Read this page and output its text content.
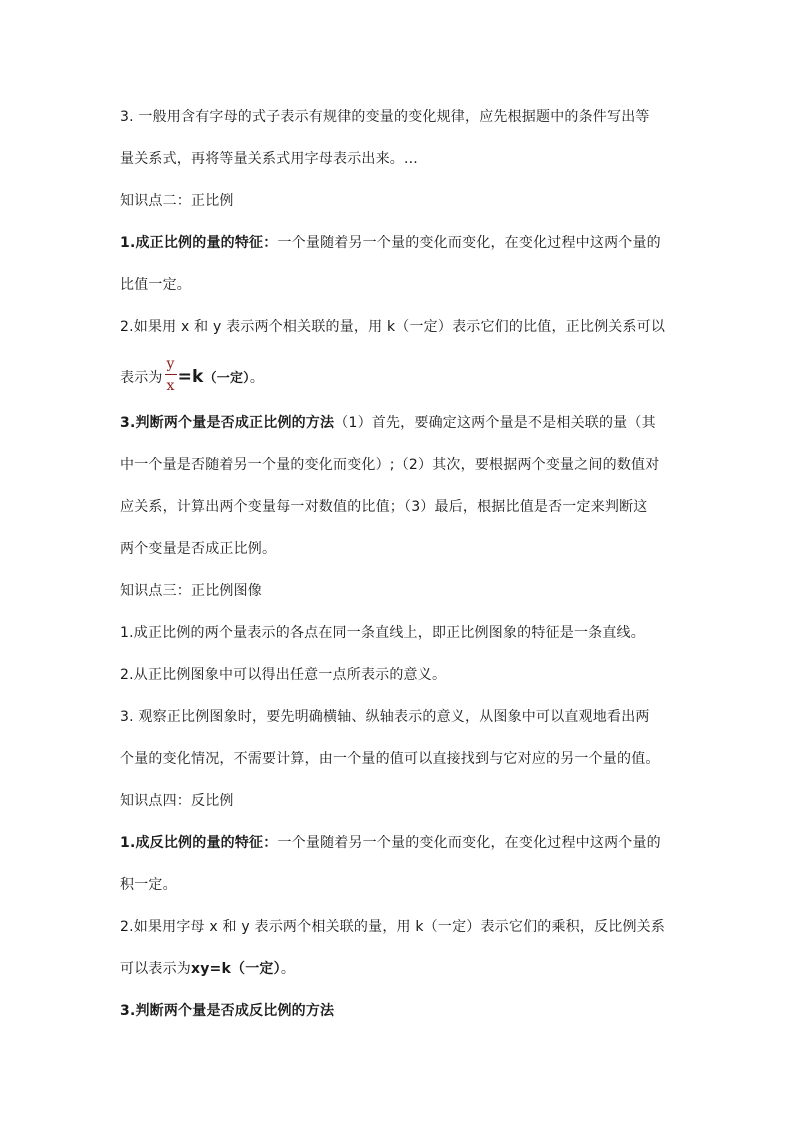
3. 一般用含有字母的式子表示有规律的变量的变化规律，应先根据题中的条件写出等
量关系式，再将等量关系式用字母表示出来。...
知识点二：正比例
1.成正比例的量的特征：一个量随着另一个量的变化而变化，在变化过程中这两个量的
比值一定。
2.如果用 x 和 y 表示两个相关联的量，用 k（一定）表示它们的比值，正比例关系可以
表示为 $\frac{y}{x} =k$（一定）。
3.判断两个量是否成正比例的方法（1）首先，要确定这两个量是不是相关联的量（其
中一个量是否随着另一个量的变化而变化）;（2）其次，要根据两个变量之间的数值对
应关系，计算出两个变量每一对数值的比值；（3）最后，根据比值是否一定来判断这
两个变量是否成正比例。
知识点三：正比例图像
1.成正比例的两个量表示的各点在同一条直线上，即正比例图象的特征是一条直线。
2.从正比例图象中可以得出任意一点所表示的意义。
3. 观察正比例图象时，要先明确横轴、纵轴表示的意义，从图象中可以直观地看出两
个量的变化情况，不需要计算，由一个量的值可以直接找到与它对应的另一个量的值。
知识点四：反比例
1.成反比例的量的特征：一个量随着另一个量的变化而变化，在变化过程中这两个量的
积一定。
2.如果用字母 x 和 y 表示两个相关联的量，用 k（一定）表示它们的乘积，反比例关系
可以表示为xy=k（一定）。
3.判断两个量是否成反比例的方法
